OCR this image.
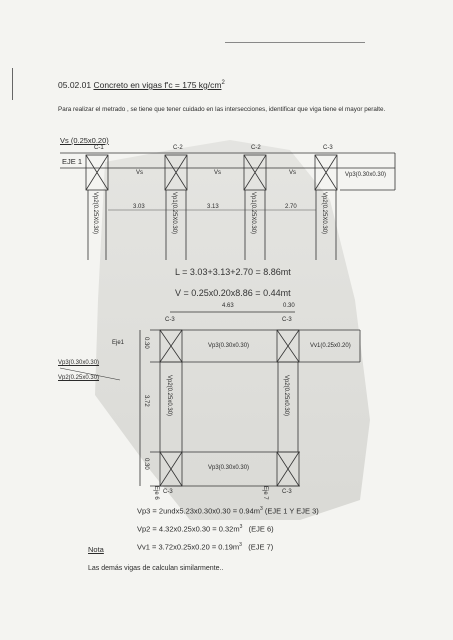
05.02.01 Concreto en vigas f'c = 175 $kg/cm^2$
Para realizar el metrado , se tiene que tener cuidado en las intersecciones, identificar que viga tiene el mayor peralte.
Vs (0.25x0.20)
EJE 1
C-1	C-2	C-2	C-3
Vs	Vs	Vs	Vp3(0.30x0.30)
Vp2(0.25X0.30)	Vp1(0.25X0.30)	Vp1(0.25X0.30)	Vp2(0.25X0.30)
3.03	3.13	2.70
L = 3.03+3.13+2.70 = 8.86mt
V = 0.25x0.20x8.86 = 0.44mt
4.63	0.30
C-3	C-3
C-3	C-3
Vp3(0.30x0.30)
Vp3(0.30x0.30)
Vv1(0.25x0.20)
Vp2(0.25x0.30)	Vp2(0.25x0.30)
Eje1
Vp3(0.30x0.30)
Vp2(0.25x0.30)
0.30
3.72
0.30
Eje 6	Eje 7
Vp3 = 2undx5.23x0.30x0.30 = $0.94m^3$ (EJE 1 Y EJE 3)
$Vp2 = 4.32x0.25x0.30 = 0.32m^3$ (EJE 6)
$Vv1 = 3.72x0.25x0.20 = 0.19m^3$ (EJE 7)
Nota
Las demás vigas de calculan similarmente..
